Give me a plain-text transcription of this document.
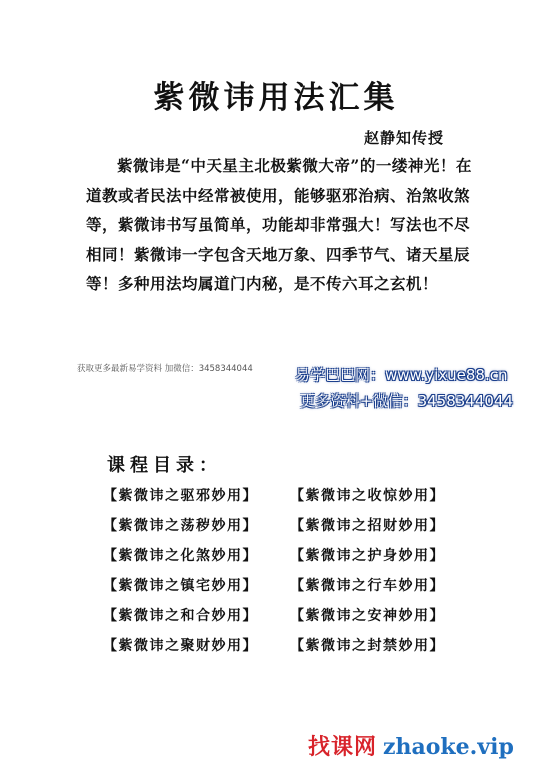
紫微讳用法汇集
赵静知传授

紫微讳是“中天星主北极紫微大帝”的一缕神光！在道教或者民法中经常被使用，能够驱邪治病、治煞收煞等，紫微讳书写虽简单，功能却非常强大！写法也不尽相同！紫微讳一字包含天地万象、四季节气、诸天星辰等！多种用法均属道门内秘，是不传六耳之玄机！

获取更多最新易学资料 加微信：3458344044	易学巴巴网：www.yixue88.cn
更多资料+微信：3458344044
课程目录：
【紫微讳之驱邪妙用】	【紫微讳之收惊妙用】
【紫微讳之荡秽妙用】	【紫微讳之招财妙用】
【紫微讳之化煞妙用】	【紫微讳之护身妙用】
【紫微讳之镇宅妙用】	【紫微讳之行车妙用】
【紫微讳之和合妙用】	【紫微讳之安神妙用】
【紫微讳之聚财妙用】	【紫微讳之封禁妙用】
找课网 zhaoke.vip
